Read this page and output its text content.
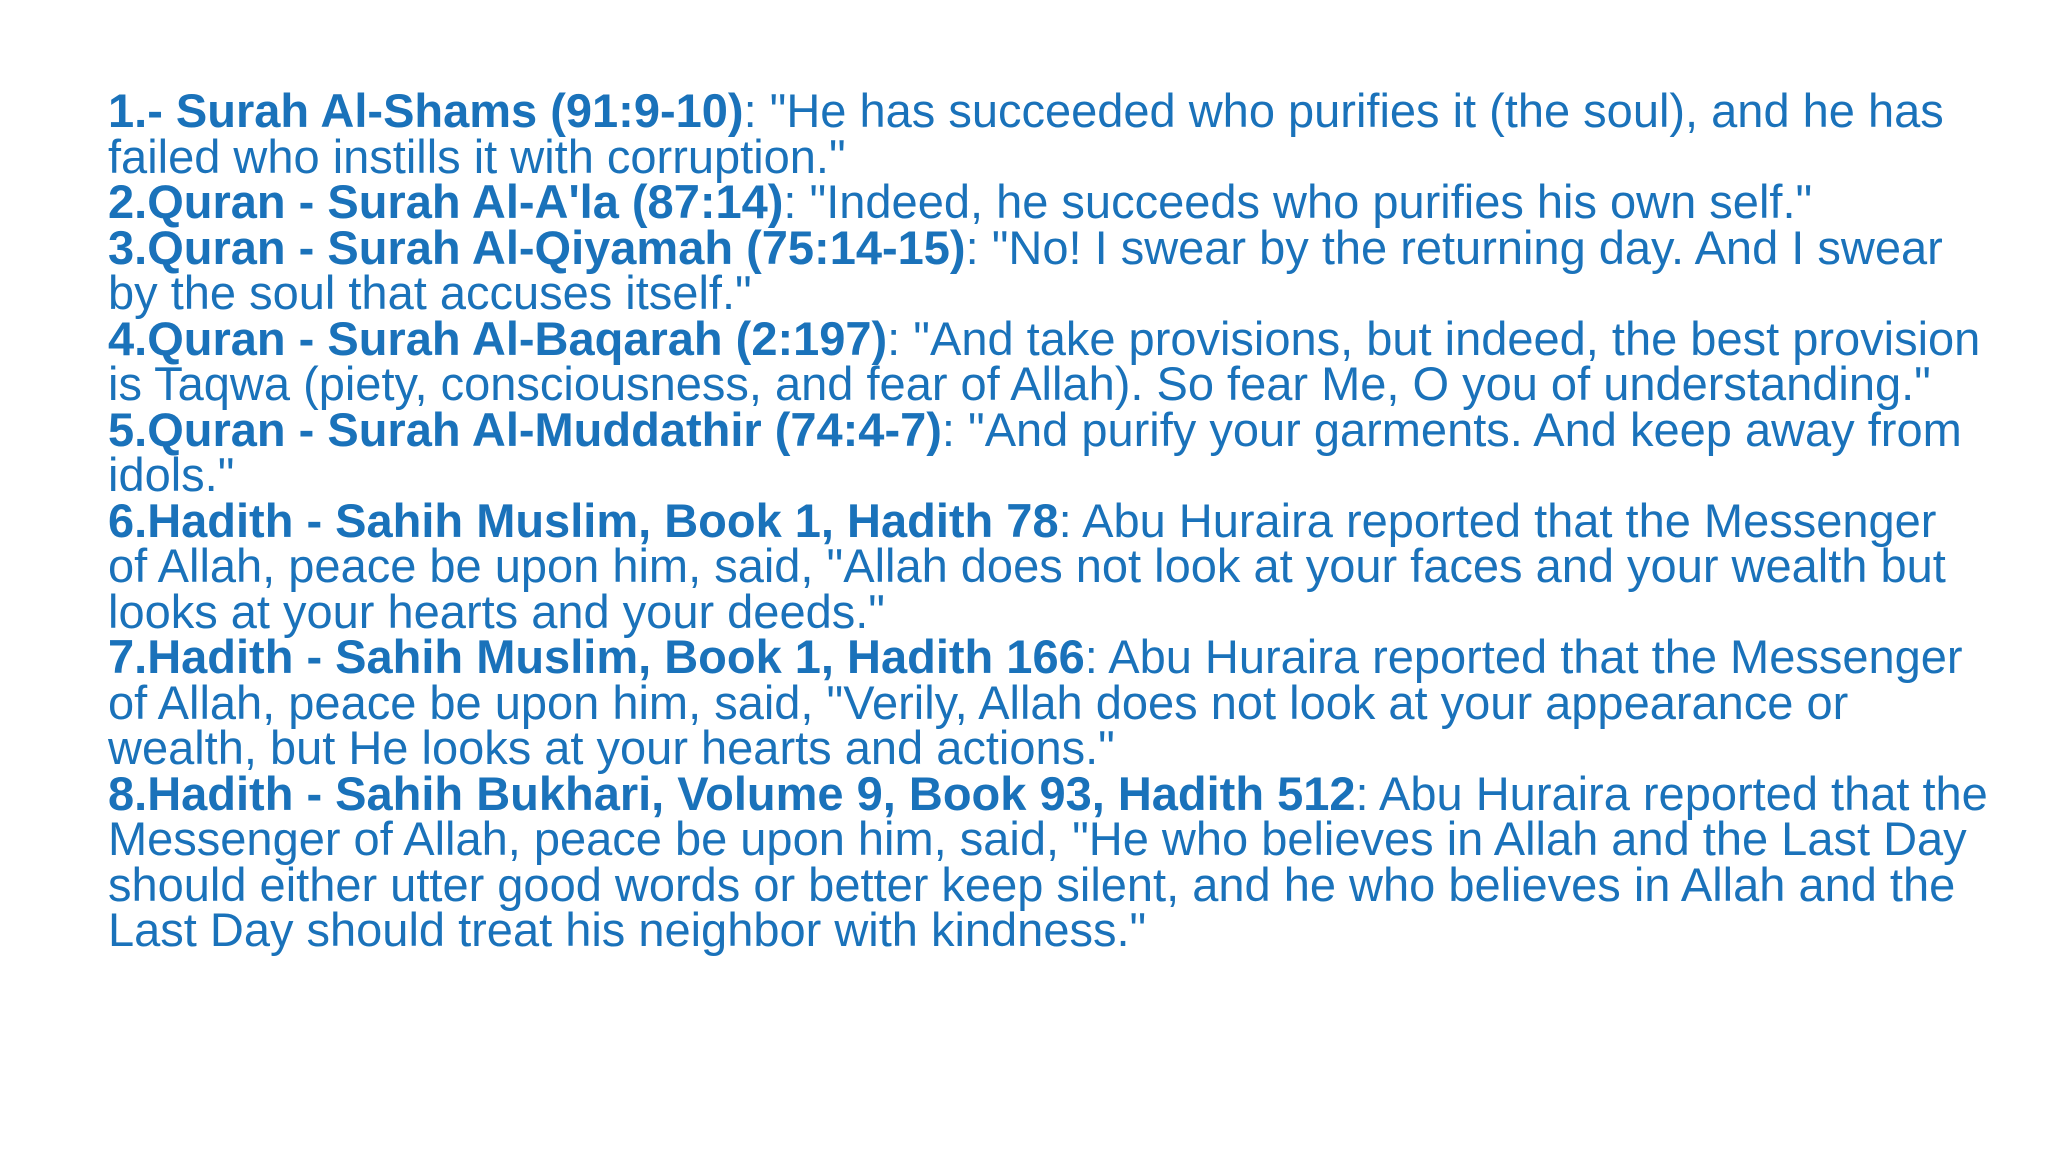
1.- Surah Al-Shams (91:9-10): "He has succeeded who purifies it (the soul), and he has failed who instills it with corruption."
2.Quran - Surah Al-A'la (87:14): "Indeed, he succeeds who purifies his own self."
3.Quran - Surah Al-Qiyamah (75:14-15): "No! I swear by the returning day. And I swear by the soul that accuses itself."
4.Quran - Surah Al-Baqarah (2:197): "And take provisions, but indeed, the best provision is Taqwa (piety, consciousness, and fear of Allah). So fear Me, O you of understanding."
5.Quran - Surah Al-Muddathir (74:4-7): "And purify your garments. And keep away from idols."
6.Hadith - Sahih Muslim, Book 1, Hadith 78: Abu Huraira reported that the Messenger of Allah, peace be upon him, said, "Allah does not look at your faces and your wealth but looks at your hearts and your deeds."
7.Hadith - Sahih Muslim, Book 1, Hadith 166: Abu Huraira reported that the Messenger of Allah, peace be upon him, said, "Verily, Allah does not look at your appearance or wealth, but He looks at your hearts and actions."
8.Hadith - Sahih Bukhari, Volume 9, Book 93, Hadith 512: Abu Huraira reported that the Messenger of Allah, peace be upon him, said, "He who believes in Allah and the Last Day should either utter good words or better keep silent, and he who believes in Allah and the Last Day should treat his neighbor with kindness."
